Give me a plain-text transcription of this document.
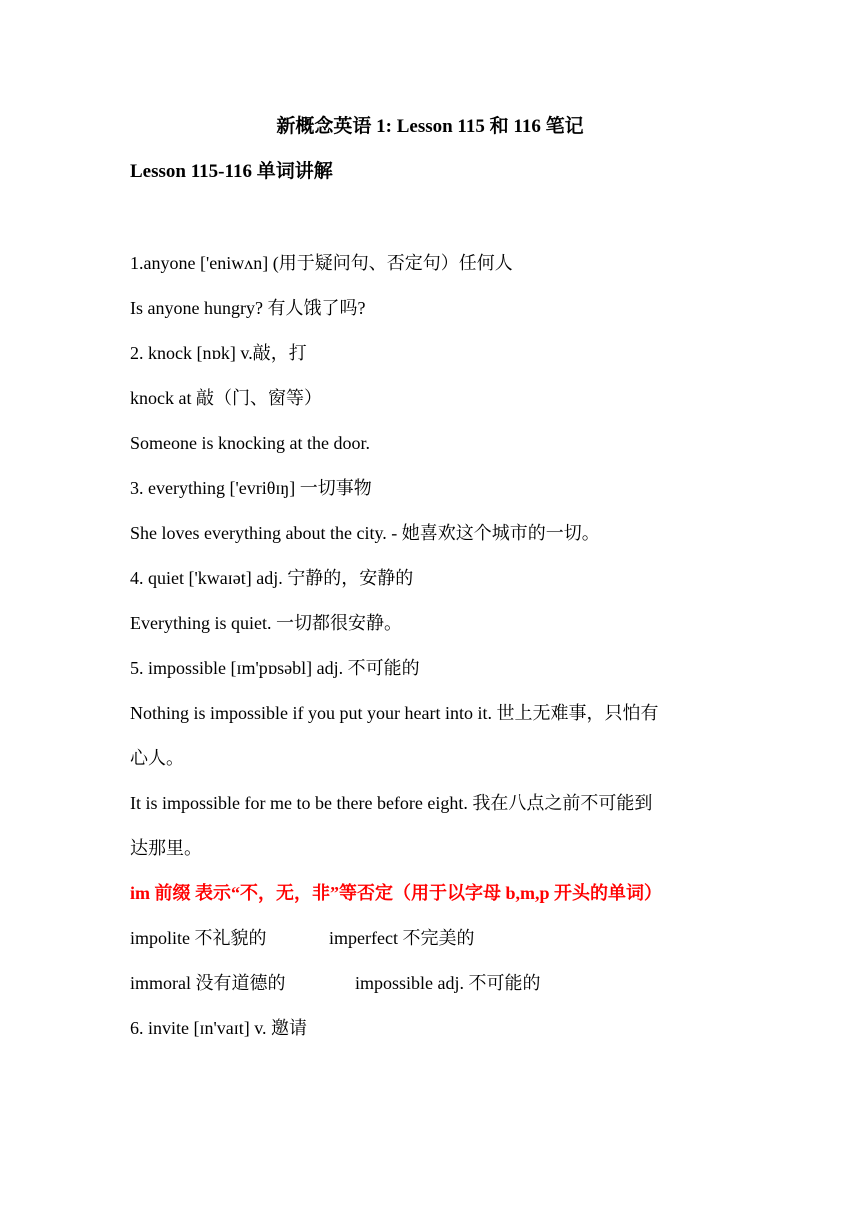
新概念英语 1: Lesson 115 和 116 笔记
Lesson 115-116 单词讲解
1.anyone ['eniwʌn] (用于疑问句、否定句）任何人
Is anyone hungry? 有人饿了吗?
2. knock [nɒk] v.敲，打
knock at 敲（门、窗等）
Someone is knocking at the door.
3. everything ['evriθɪŋ] 一切事物
She loves everything about the city. - 她喜欢这个城市的一切。
4. quiet ['kwaɪət] adj. 宁静的，安静的
Everything is quiet. 一切都很安静。
5. impossible [ɪm'pɒsəbl] adj. 不可能的
Nothing is impossible if you put your heart into it. 世上无难事，只怕有
心人。
It is impossible for me to be there before eight. 我在八点之前不可能到
达那里。
im 前缀 表示“不，无，非”等否定（用于以字母 b,m,p 开头的单词）
impolite 不礼貌的	imperfect 不完美的
immoral 没有道德的	impossible adj. 不可能的
6. invite [ɪn'vaɪt] v. 邀请
